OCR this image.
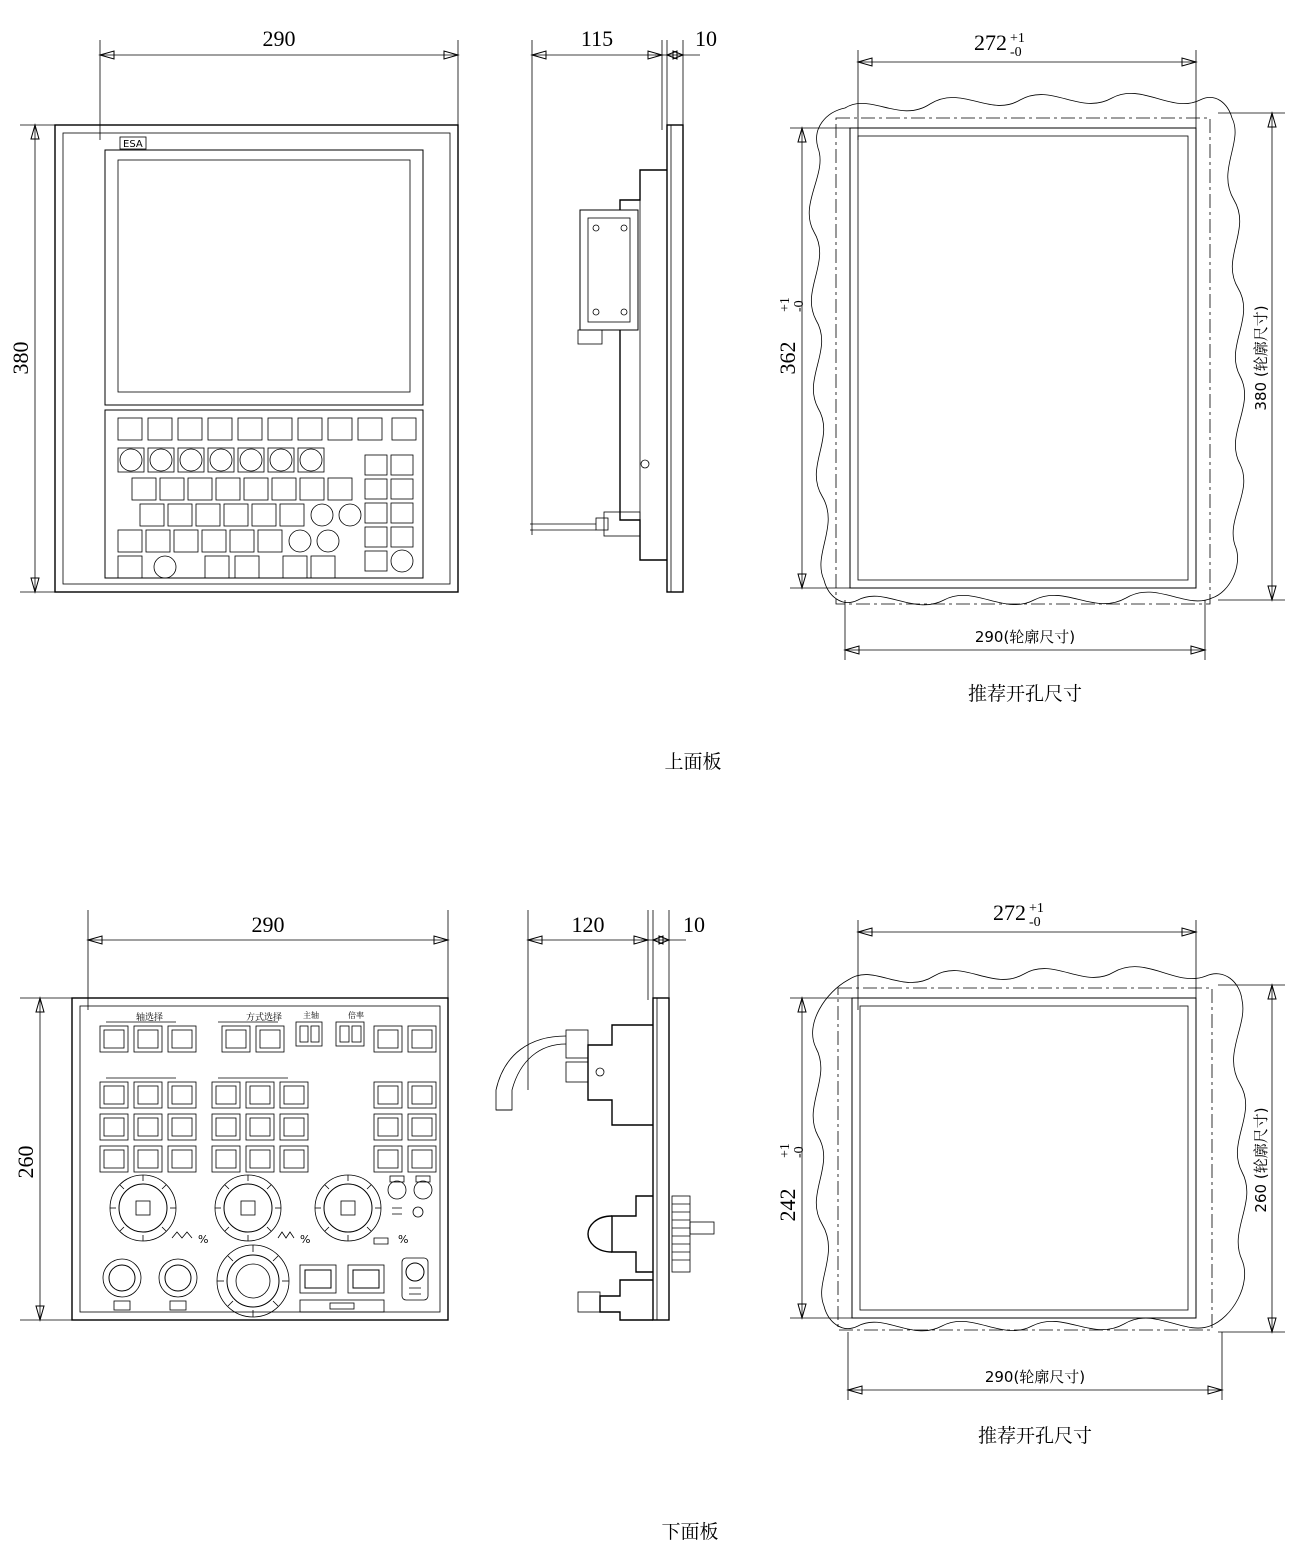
290
380
ESA
115	10	272 +1
-0
362
+1 -0	380 (轮廓尺寸)
290(轮廓尺寸)
推荐开孔尺寸
上面板
290
260
轴选择	方式选择	主轴	倍率
%	%	%
120	10	272 +1
-0
242
+1 -0	260 (轮廓尺寸)
290(轮廓尺寸)
推荐开孔尺寸
下面板
